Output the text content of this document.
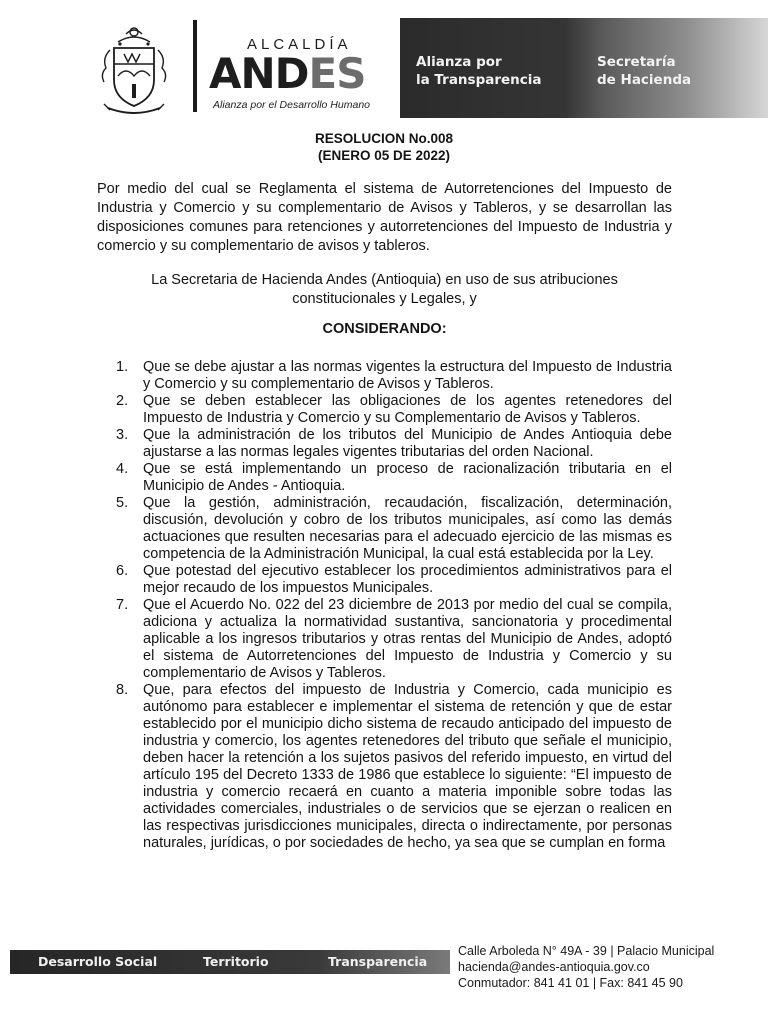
ALCALDÍA
ANDES
Alianza por el Desarrollo Humano
Alianza por
la Transparencia
Secretaría
de Hacienda
RESOLUCION No.008
(ENERO 05 DE 2022)
Por medio del cual se Reglamenta el sistema de Autorretenciones del Impuesto de Industria y Comercio y su complementario de Avisos y Tableros, y se desarrollan las disposiciones comunes para retenciones y autorretenciones del Impuesto de Industria y comercio y su complementario de avisos y tableros.
La Secretaria de Hacienda Andes (Antioquia) en uso de sus atribuciones
constitucionales y Legales, y
CONSIDERANDO:
1. Que se debe ajustar a las normas vigentes la estructura del Impuesto de Industria y Comercio y su complementario de Avisos y Tableros.
2. Que se deben establecer las obligaciones de los agentes retenedores del Impuesto de Industria y Comercio y su Complementario de Avisos y Tableros.
3. Que la administración de los tributos del Municipio de Andes Antioquia debe ajustarse a las normas legales vigentes tributarias del orden Nacional.
4. Que se está implementando un proceso de racionalización tributaria en el Municipio de Andes - Antioquia.
5. Que la gestión, administración, recaudación, fiscalización, determinación, discusión, devolución y cobro de los tributos municipales, así como las demás actuaciones que resulten necesarias para el adecuado ejercicio de las mismas es competencia de la Administración Municipal, la cual está establecida por la Ley.
6. Que potestad del ejecutivo establecer los procedimientos administrativos para el mejor recaudo de los impuestos Municipales.
7. Que el Acuerdo No. 022 del 23 diciembre de 2013 por medio del cual se compila, adiciona y actualiza la normatividad sustantiva, sancionatoria y procedimental aplicable a los ingresos tributarios y otras rentas del Municipio de Andes, adoptó el sistema de Autorretenciones del Impuesto de Industria y Comercio y su complementario de Avisos y Tableros.
8. Que, para efectos del impuesto de Industria y Comercio, cada municipio es autónomo para establecer e implementar el sistema de retención y que de estar establecido por el municipio dicho sistema de recaudo anticipado del impuesto de industria y comercio, los agentes retenedores del tributo que señale el municipio, deben hacer la retención a los sujetos pasivos del referido impuesto, en virtud del artículo 195 del Decreto 1333 de 1986 que establece lo siguiente: “El impuesto de industria y comercio recaerá en cuanto a materia imponible sobre todas las actividades comerciales, industriales o de servicios que se ejerzan o realicen en las respectivas jurisdicciones municipales, directa o indirectamente, por personas naturales, jurídicas, o por sociedades de hecho, ya sea que se cumplan en forma
Desarrollo Social	Territorio	Transparencia
Calle Arboleda N° 49A - 39 | Palacio Municipal
hacienda@andes-antioquia.gov.co
Conmutador: 841 41 01 | Fax: 841 45 90
